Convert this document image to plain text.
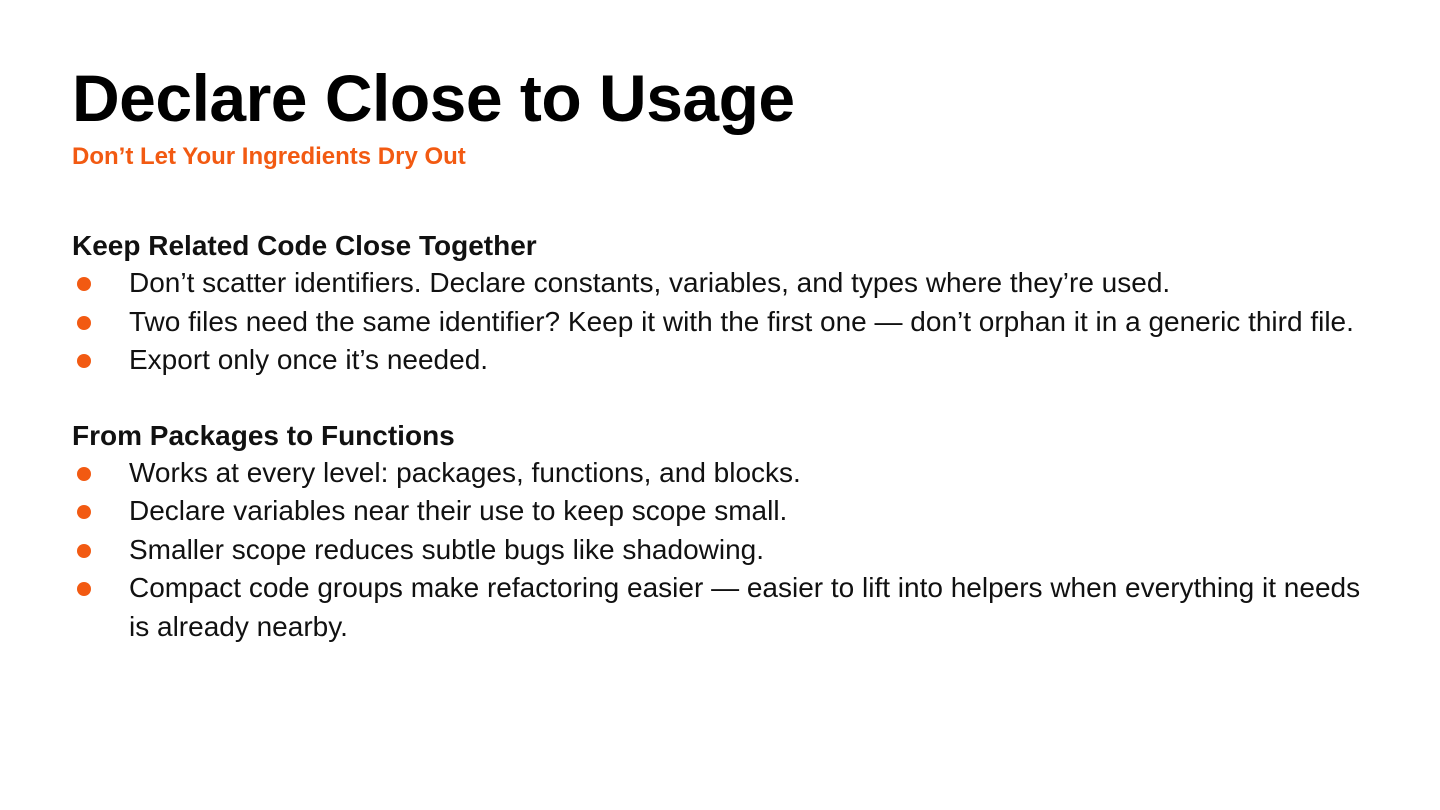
Declare Close to Usage
Don’t Let Your Ingredients Dry Out
Keep Related Code Close Together
Don’t scatter identifiers. Declare constants, variables, and types where they’re used.
Two files need the same identifier? Keep it with the first one — don’t orphan it in a generic third file.
Export only once it’s needed.
From Packages to Functions
Works at every level: packages, functions, and blocks.
Declare variables near their use to keep scope small.
Smaller scope reduces subtle bugs like shadowing.
Compact code groups make refactoring easier — easier to lift into helpers when everything it needs is already nearby.
